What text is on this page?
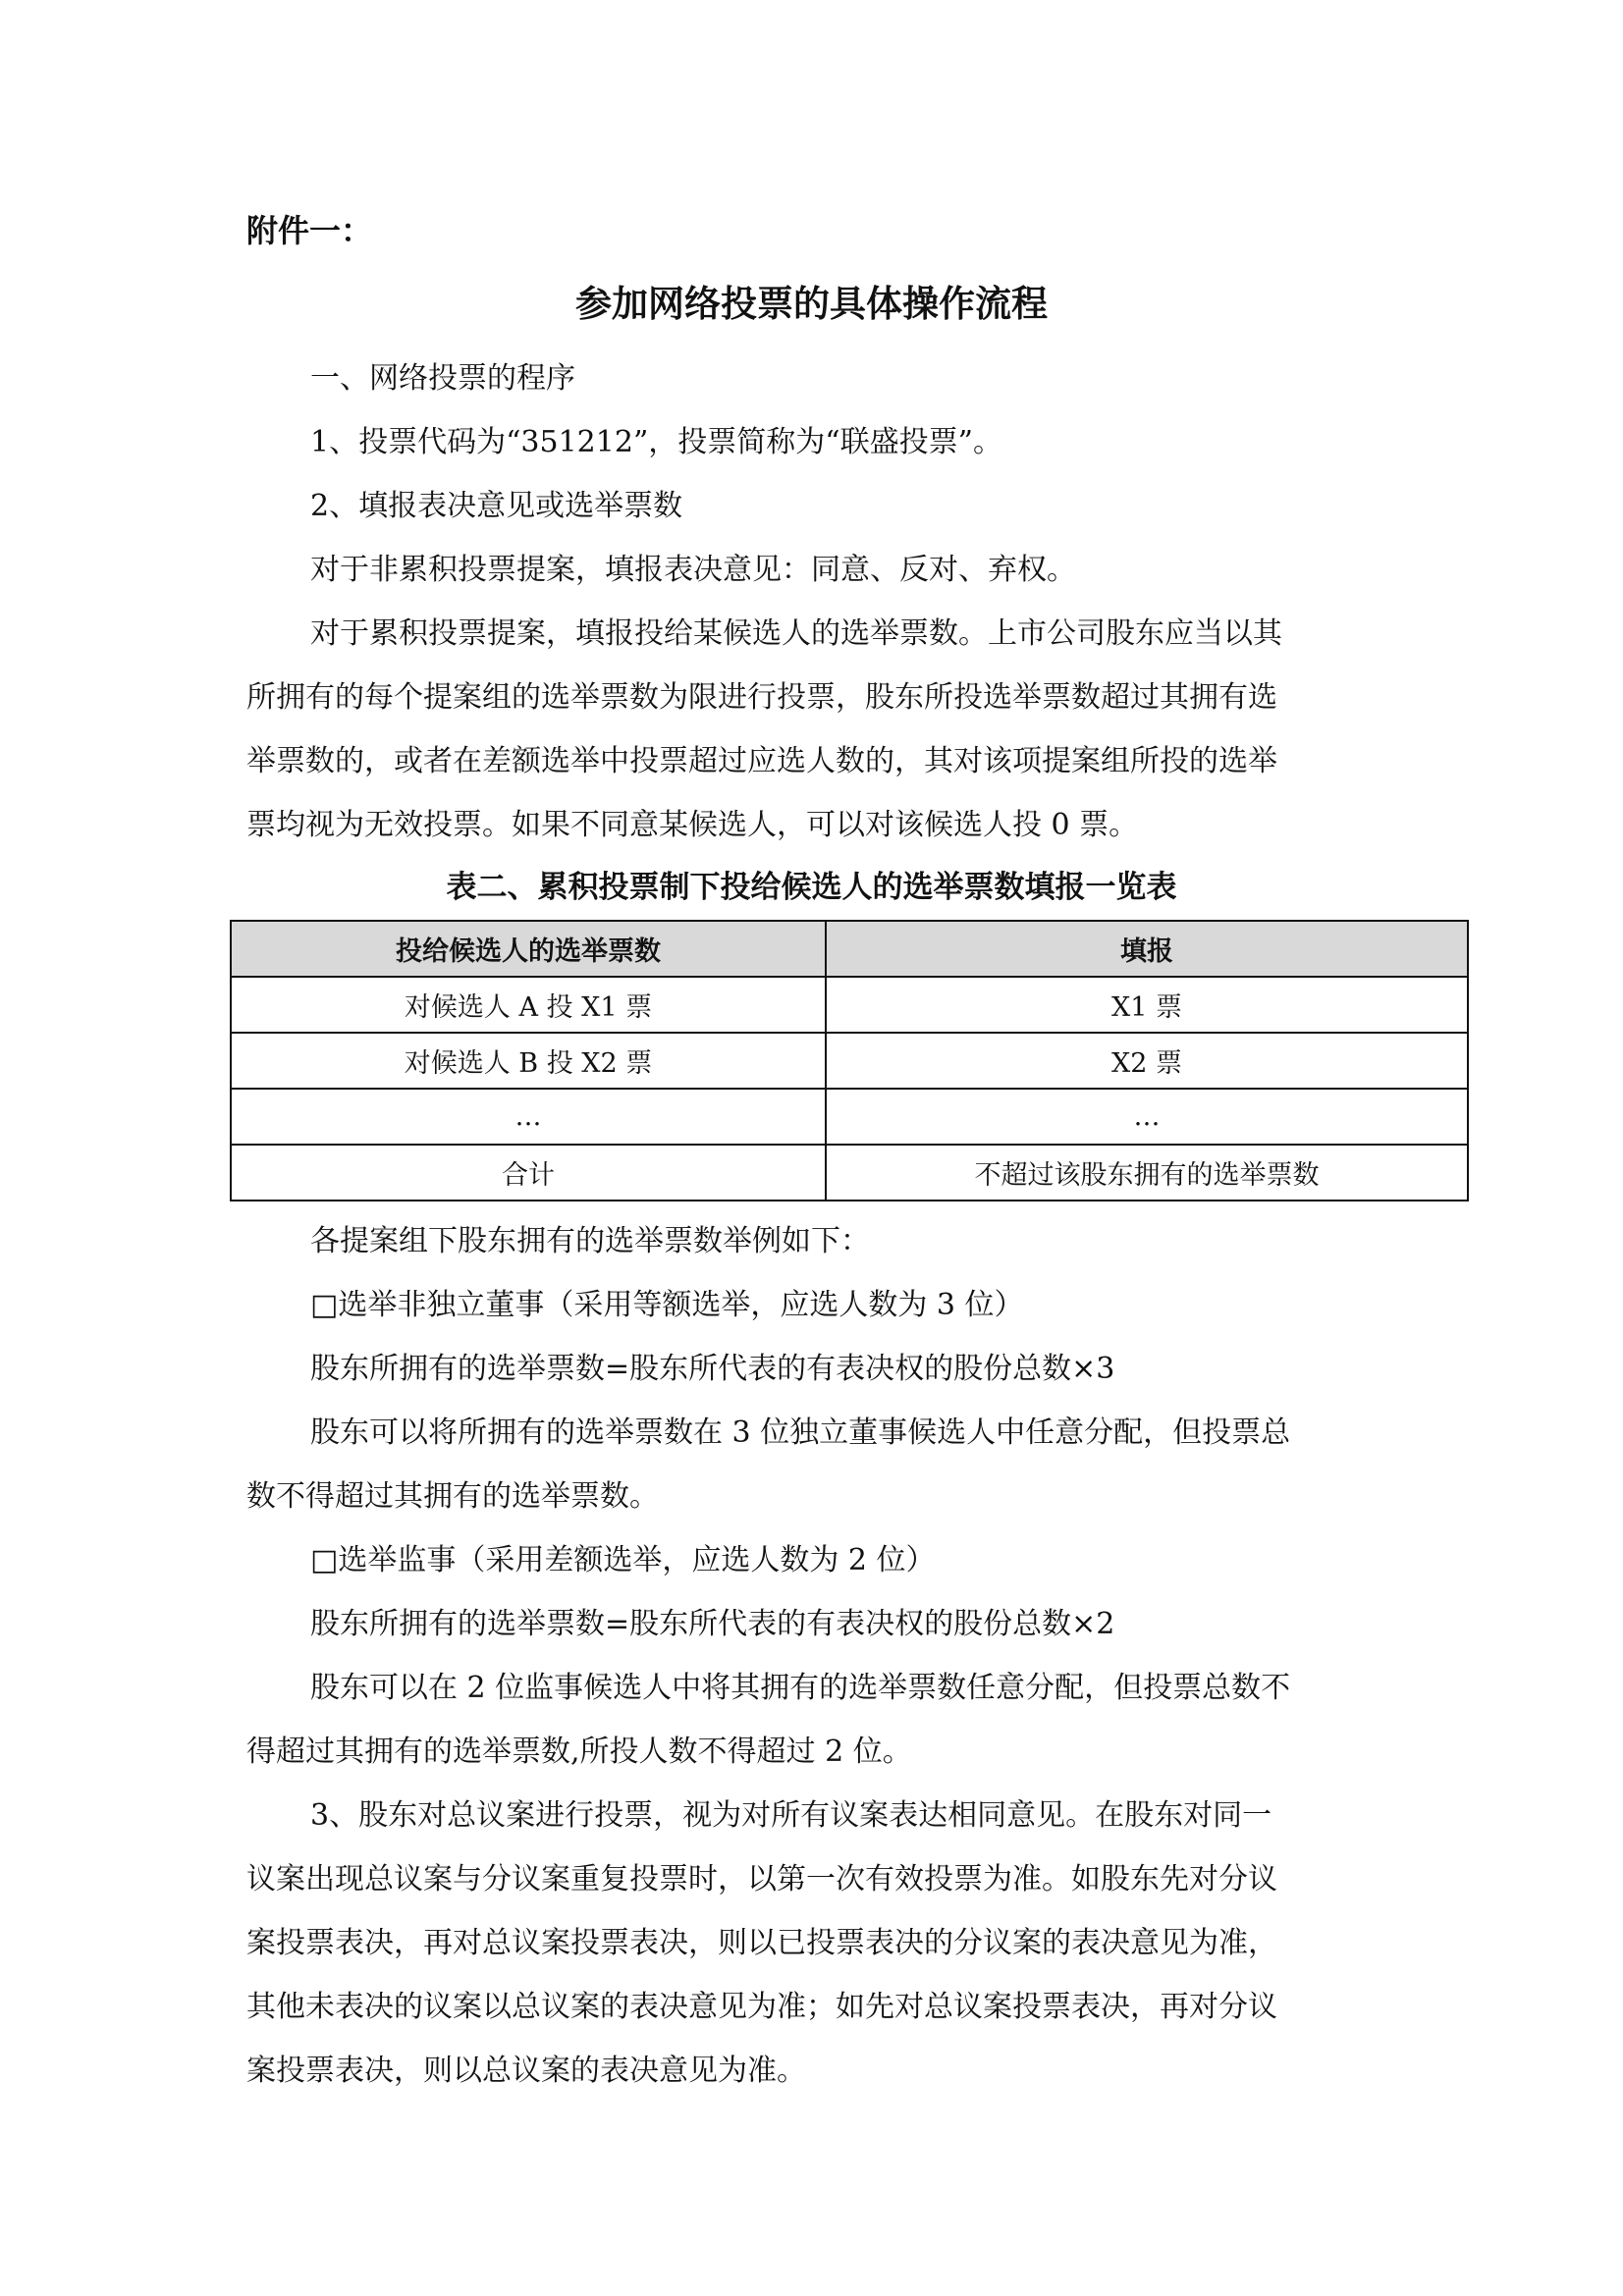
附件一：
参加网络投票的具体操作流程
一、网络投票的程序
1、投票代码为“351212”，投票简称为“联盛投票”。
2、填报表决意见或选举票数
对于非累积投票提案，填报表决意见：同意、反对、弃权。
对于累积投票提案，填报投给某候选人的选举票数。上市公司股东应当以其
所拥有的每个提案组的选举票数为限进行投票，股东所投选举票数超过其拥有选
举票数的，或者在差额选举中投票超过应选人数的，其对该项提案组所投的选举
票均视为无效投票。如果不同意某候选人，可以对该候选人投 0 票。
表二、累积投票制下投给候选人的选举票数填报一览表
投给候选人的选举票数	填报
对候选人 A 投 X1 票	X1 票
对候选人 B 投 X2 票	X2 票
…	…
合计	不超过该股东拥有的选举票数
各提案组下股东拥有的选举票数举例如下：
□选举非独立董事（采用等额选举，应选人数为 3 位）
股东所拥有的选举票数=股东所代表的有表决权的股份总数×3
股东可以将所拥有的选举票数在 3 位独立董事候选人中任意分配，但投票总
数不得超过其拥有的选举票数。
□选举监事（采用差额选举，应选人数为 2 位）
股东所拥有的选举票数=股东所代表的有表决权的股份总数×2
股东可以在 2 位监事候选人中将其拥有的选举票数任意分配，但投票总数不
得超过其拥有的选举票数,所投人数不得超过 2 位。
3、股东对总议案进行投票，视为对所有议案表达相同意见。在股东对同一
议案出现总议案与分议案重复投票时，以第一次有效投票为准。如股东先对分议
案投票表决，再对总议案投票表决，则以已投票表决的分议案的表决意见为准，
其他未表决的议案以总议案的表决意见为准；如先对总议案投票表决，再对分议
案投票表决，则以总议案的表决意见为准。
